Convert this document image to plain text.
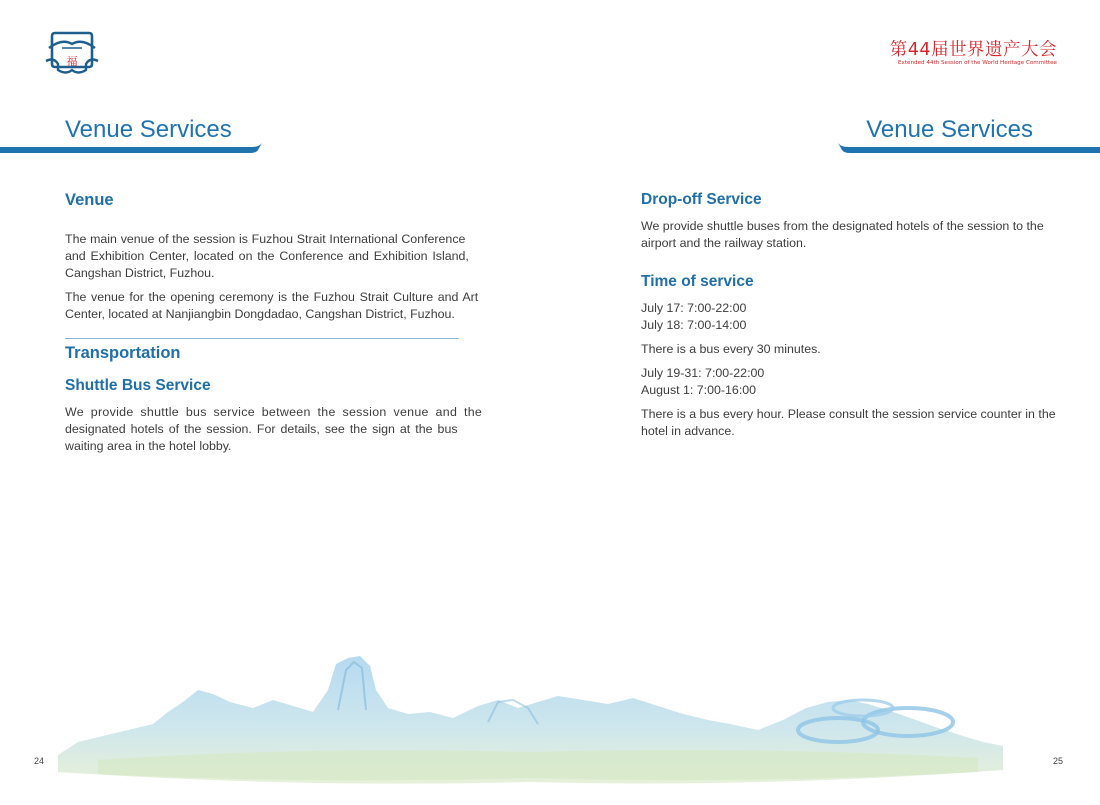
福
第44届世界遗产大会
Extended 44th Session of the World Heritage Committee
Venue Services	Venue Services
Venue
The main venue of the session is Fuzhou Strait International Conference
and Exhibition Center, located on the Conference and Exhibition Island,
Cangshan District, Fuzhou.
The venue for the opening ceremony is the Fuzhou Strait Culture and Art
Center, located at Nanjiangbin Dongdadao, Cangshan District, Fuzhou.
Transportation
Shuttle Bus Service
We provide shuttle bus service between the session venue and the
designated hotels of the session. For details, see the sign at the bus
waiting area in the hotel lobby.
Drop-off Service
We provide shuttle buses from the designated hotels of the session to the
airport and the railway station.
Time of service
July 17: 7:00-22:00
July 18: 7:00-14:00
There is a bus every 30 minutes.
July 19-31: 7:00-22:00
August 1: 7:00-16:00
There is a bus every hour. Please consult the session service counter in the
hotel in advance.
24	25
